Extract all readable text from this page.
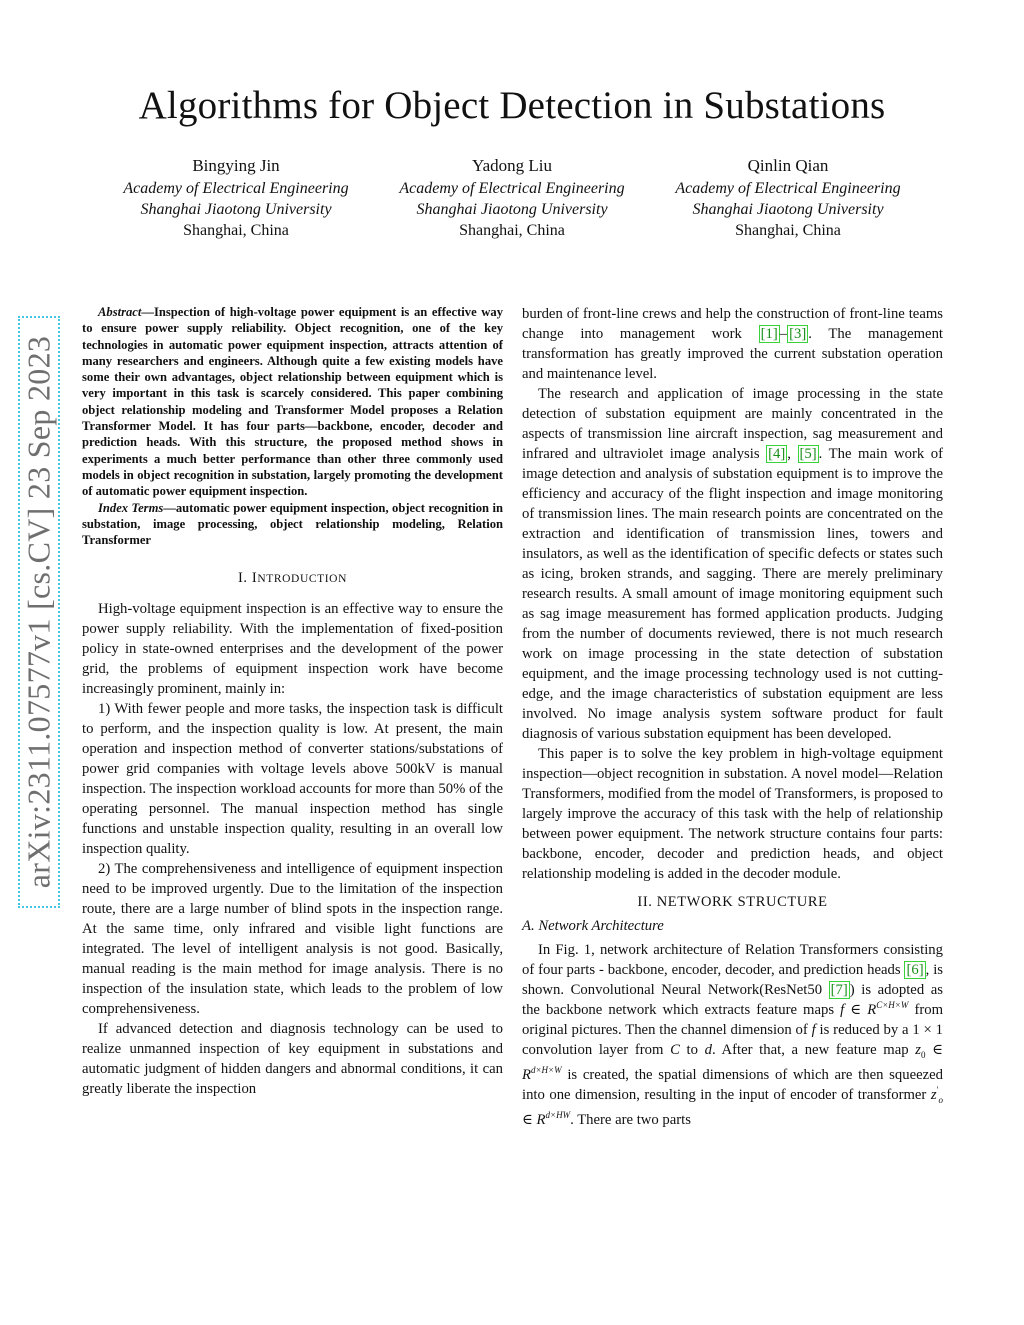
arXiv:2311.07577v1 [cs.CV] 23 Sep 2023
Algorithms for Object Detection in Substations
Bingying Jin
Academy of Electrical Engineering
Shanghai Jiaotong University
Shanghai, China
Yadong Liu
Academy of Electrical Engineering
Shanghai Jiaotong University
Shanghai, China
Qinlin Qian
Academy of Electrical Engineering
Shanghai Jiaotong University
Shanghai, China

Abstract—Inspection of high-voltage power equipment is an effective way to ensure power supply reliability. Object recognition, one of the key technologies in automatic power equipment inspection, attracts attention of many researchers and engineers. Although quite a few existing models have some their own advantages, object relationship between equipment which is very important in this task is scarcely considered. This paper combining object relationship modeling and Transformer Model proposes a Relation Transformer Model. It has four parts—backbone, encoder, decoder and prediction heads. With this structure, the proposed method shows in experiments a much better performance than other three commonly used models in object recognition in substation, largely promoting the development of automatic power equipment inspection.

Index Terms—automatic power equipment inspection, object recognition in substation, image processing, object relationship modeling, Relation Transformer

I. INTRODUCTION

High-voltage equipment inspection is an effective way to ensure the power supply reliability. With the implementation of fixed-position policy in state-owned enterprises and the development of the power grid, the problems of equipment inspection work have become increasingly prominent, mainly in:

1) With fewer people and more tasks, the inspection task is difficult to perform, and the inspection quality is low. At present, the main operation and inspection method of converter stations/substations of power grid companies with voltage levels above 500kV is manual inspection. The inspection workload accounts for more than 50% of the operating personnel. The manual inspection method has single functions and unstable inspection quality, resulting in an overall low inspection quality.

2) The comprehensiveness and intelligence of equipment inspection need to be improved urgently. Due to the limitation of the inspection route, there are a large number of blind spots in the inspection range. At the same time, only infrared and visible light functions are integrated. The level of intelligent analysis is not good. Basically, manual reading is the main method for image analysis. There is no inspection of the insulation state, which leads to the problem of low comprehensiveness.

If advanced detection and diagnosis technology can be used to realize unmanned inspection of key equipment in substations and automatic judgment of hidden dangers and abnormal conditions, it can greatly liberate the inspection

burden of front-line crews and help the construction of front-line teams change into management work [1] – [3] . The management transformation has greatly improved the current substation operation and maintenance level.

The research and application of image processing in the state detection of substation equipment are mainly concentrated in the aspects of transmission line aircraft inspection, sag measurement and infrared and ultraviolet image analysis [4] , [5] . The main work of image detection and analysis of substation equipment is to improve the efficiency and accuracy of the flight inspection and image monitoring of transmission lines. The main research points are concentrated on the extraction and identification of transmission lines, towers and insulators, as well as the identification of specific defects or states such as icing, broken strands, and sagging. There are merely preliminary research results. A small amount of image monitoring equipment such as sag image measurement has formed application products. Judging from the number of documents reviewed, there is not much research work on image processing in the state detection of substation equipment, and the image processing technology used is not cutting-edge, and the image characteristics of substation equipment are less involved. No image analysis system software product for fault diagnosis of various substation equipment has been developed.

This paper is to solve the key problem in high-voltage equipment inspection—object recognition in substation. A novel model—Relation Transformers, modified from the model of Transformers, is proposed to largely improve the accuracy of this task with the help of relationship between power equipment. The network structure contains four parts: backbone, encoder, decoder and prediction heads, and object relationship modeling is added in the decoder module.

II. NETWORK STRUCTURE
A. Network Architecture

In Fig. 1, network architecture of Relation Transformers consisting of four parts - backbone, encoder, decoder, and prediction heads [6] , is shown. Convolutional Neural Network(ResNet50 [7] ) is adopted as the backbone network which extracts feature maps f ∈ $R^{C\times H\times W}$ from original pictures. Then the channel dimension of f is reduced by a 1 × 1 convolution layer from C to d. After that, a new feature map $z_0$ ∈ $R^{d\times H\times W}$ is created, the spatial dimensions of which are then squeezed into one dimension, resulting in the input of encoder of transformer $z'_o$ ∈ $R^{d\times HW}$. There are two parts
